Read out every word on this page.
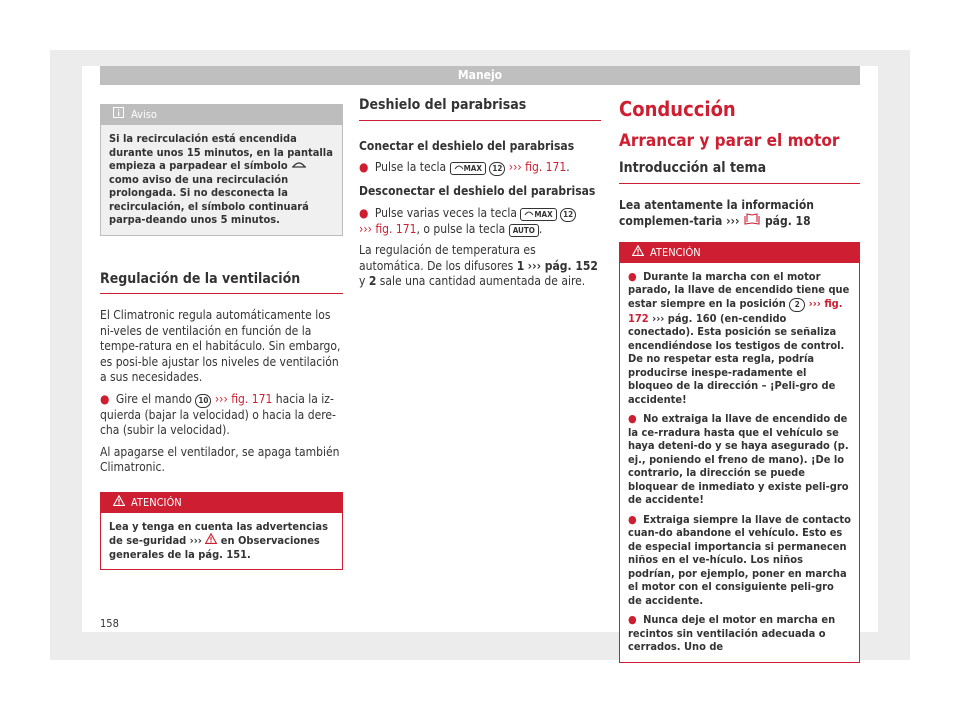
Manejo
Aviso
Si la recirculación está encendida durante unos 15 minutos, en la pantalla empieza a parpadear el símbolo  como aviso de una recirculación prolongada. Si no desconecta la recirculación, el símbolo continuará parpa-deando unos 5 minutos.
Regulación de la ventilación

El Climatronic regula automáticamente los ni-veles de ventilación en función de la tempe-ratura en el habitáculo. Sin embargo, es posi-ble ajustar los niveles de ventilación a sus necesidades.

● Gire el mando 10 ››› fig. 171 hacia la iz-quierda (bajar la velocidad) o hacia la dere-cha (subir la velocidad).

Al apagarse el ventilador, se apaga también Climatronic.

ATENCIÓN
Lea y tenga en cuenta las advertencias de se-guridad ››› en Observaciones generales de la pág. 151.
Deshielo del parabrisas

Conectar el deshielo del parabrisas

● Pulse la tecla MAX 12 ››› fig. 171.

Desconectar el deshielo del parabrisas

● Pulse varias veces la tecla MAX 12
››› fig. 171, o pulse la tecla AUTO .

La regulación de temperatura es automática. De los difusores 1 ››› pág. 152 y 2 sale una cantidad aumentada de aire.

Conducción
Arrancar y parar el motor
Introducción al tema

Lea atentamente la información complemen-taria ››› pág. 18

ATENCIÓN

● Durante la marcha con el motor parado, la llave de encendido tiene que estar siempre en la posición 2 ››› fig. 172 ››› pág. 160 (en-cendido conectado). Esta posición se señaliza encendiéndose los testigos de control. De no respetar esta regla, podría producirse inespe-radamente el bloqueo de la dirección – ¡Peli-gro de accidente!

● No extraiga la llave de encendido de la ce-rradura hasta que el vehículo se haya deteni-do y se haya asegurado (p. ej., poniendo el freno de mano). ¡De lo contrario, la dirección se puede bloquear de inmediato y existe peli-gro de accidente!

● Extraiga siempre la llave de contacto cuan-do abandone el vehículo. Esto es de especial importancia si permanecen niños en el ve-hículo. Los niños podrían, por ejemplo, poner en marcha el motor con el consiguiente peli-gro de accidente.

● Nunca deje el motor en marcha en recintos sin ventilación adecuada o cerrados. Uno de

158
